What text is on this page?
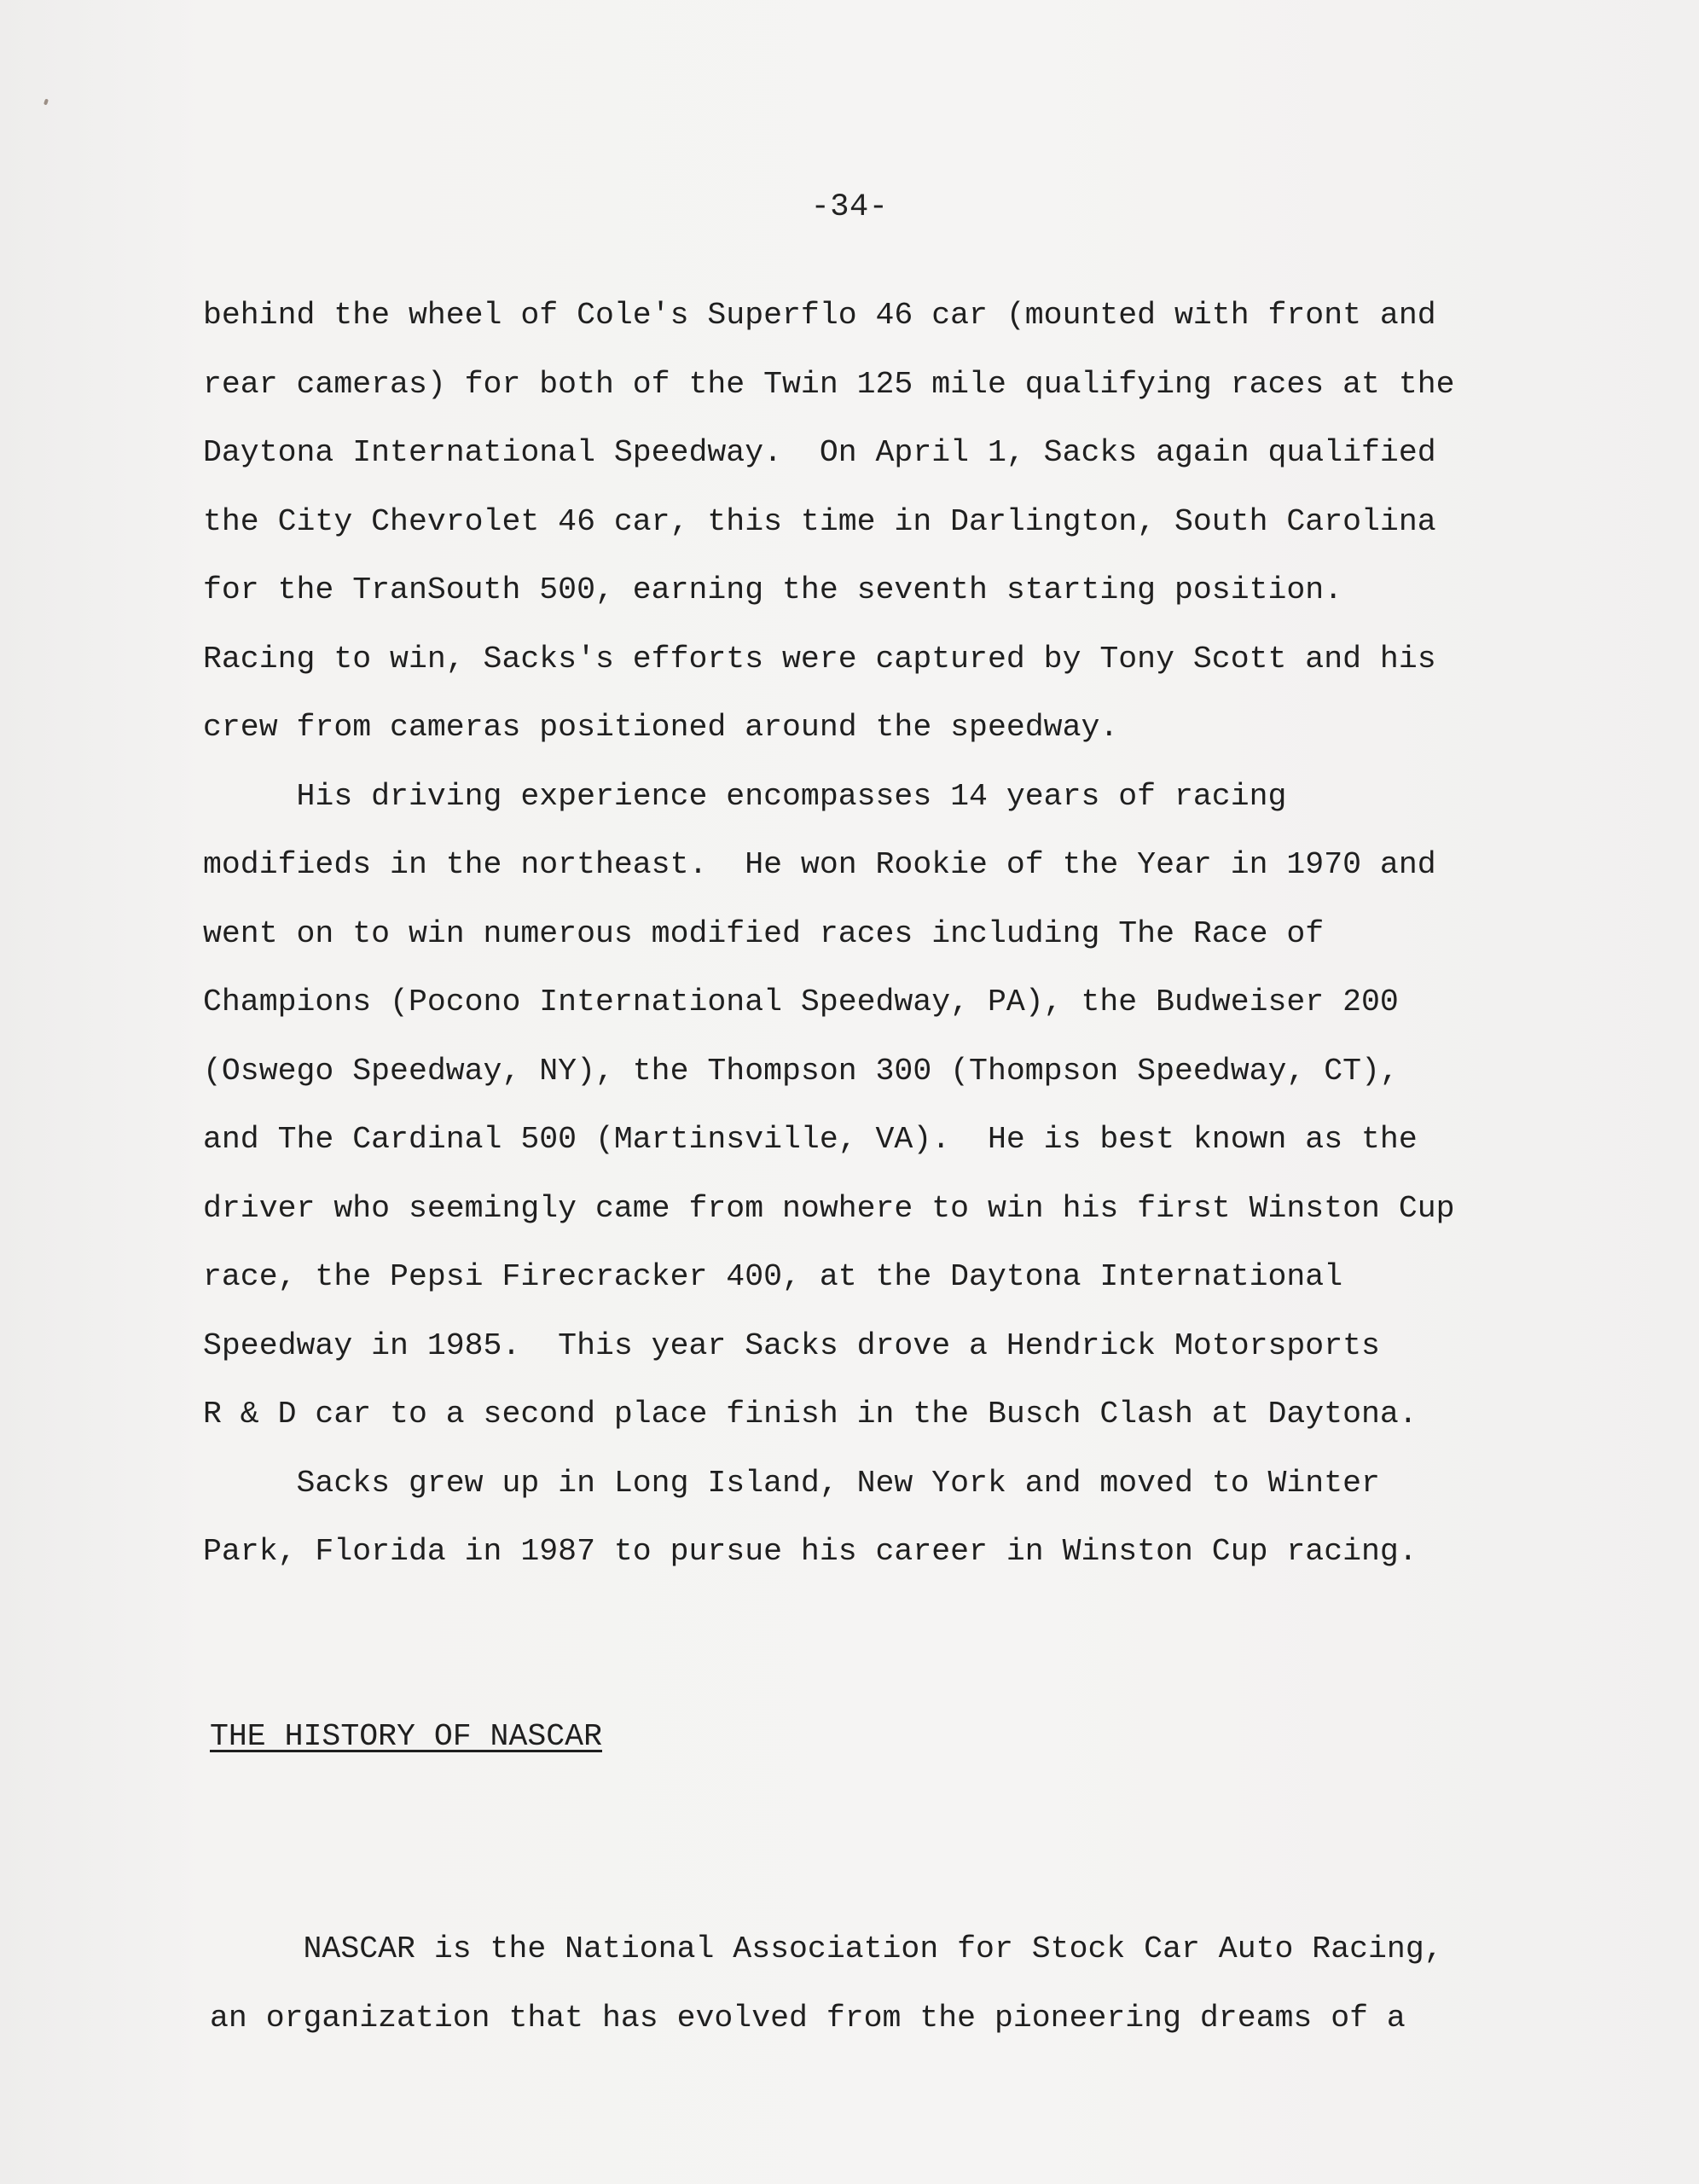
-34-

behind the wheel of Cole's Superflo 46 car (mounted with front and

rear cameras) for both of the Twin 125 mile qualifying races at the

Daytona International Speedway.  On April 1, Sacks again qualified

the City Chevrolet 46 car, this time in Darlington, South Carolina

for the TranSouth 500, earning the seventh starting position.

Racing to win, Sacks's efforts were captured by Tony Scott and his

crew from cameras positioned around the speedway.

His driving experience encompasses 14 years of racing

modifieds in the northeast.  He won Rookie of the Year in 1970 and

went on to win numerous modified races including The Race of

Champions (Pocono International Speedway, PA), the Budweiser 200

(Oswego Speedway, NY), the Thompson 300 (Thompson Speedway, CT),

and The Cardinal 500 (Martinsville, VA).  He is best known as the

driver who seemingly came from nowhere to win his first Winston Cup

race, the Pepsi Firecracker 400, at the Daytona International

Speedway in 1985.  This year Sacks drove a Hendrick Motorsports

R & D car to a second place finish in the Busch Clash at Daytona.

Sacks grew up in Long Island, New York and moved to Winter

Park, Florida in 1987 to pursue his career in Winston Cup racing.

THE HISTORY OF NASCAR

NASCAR is the National Association for Stock Car Auto Racing,

an organization that has evolved from the pioneering dreams of a
